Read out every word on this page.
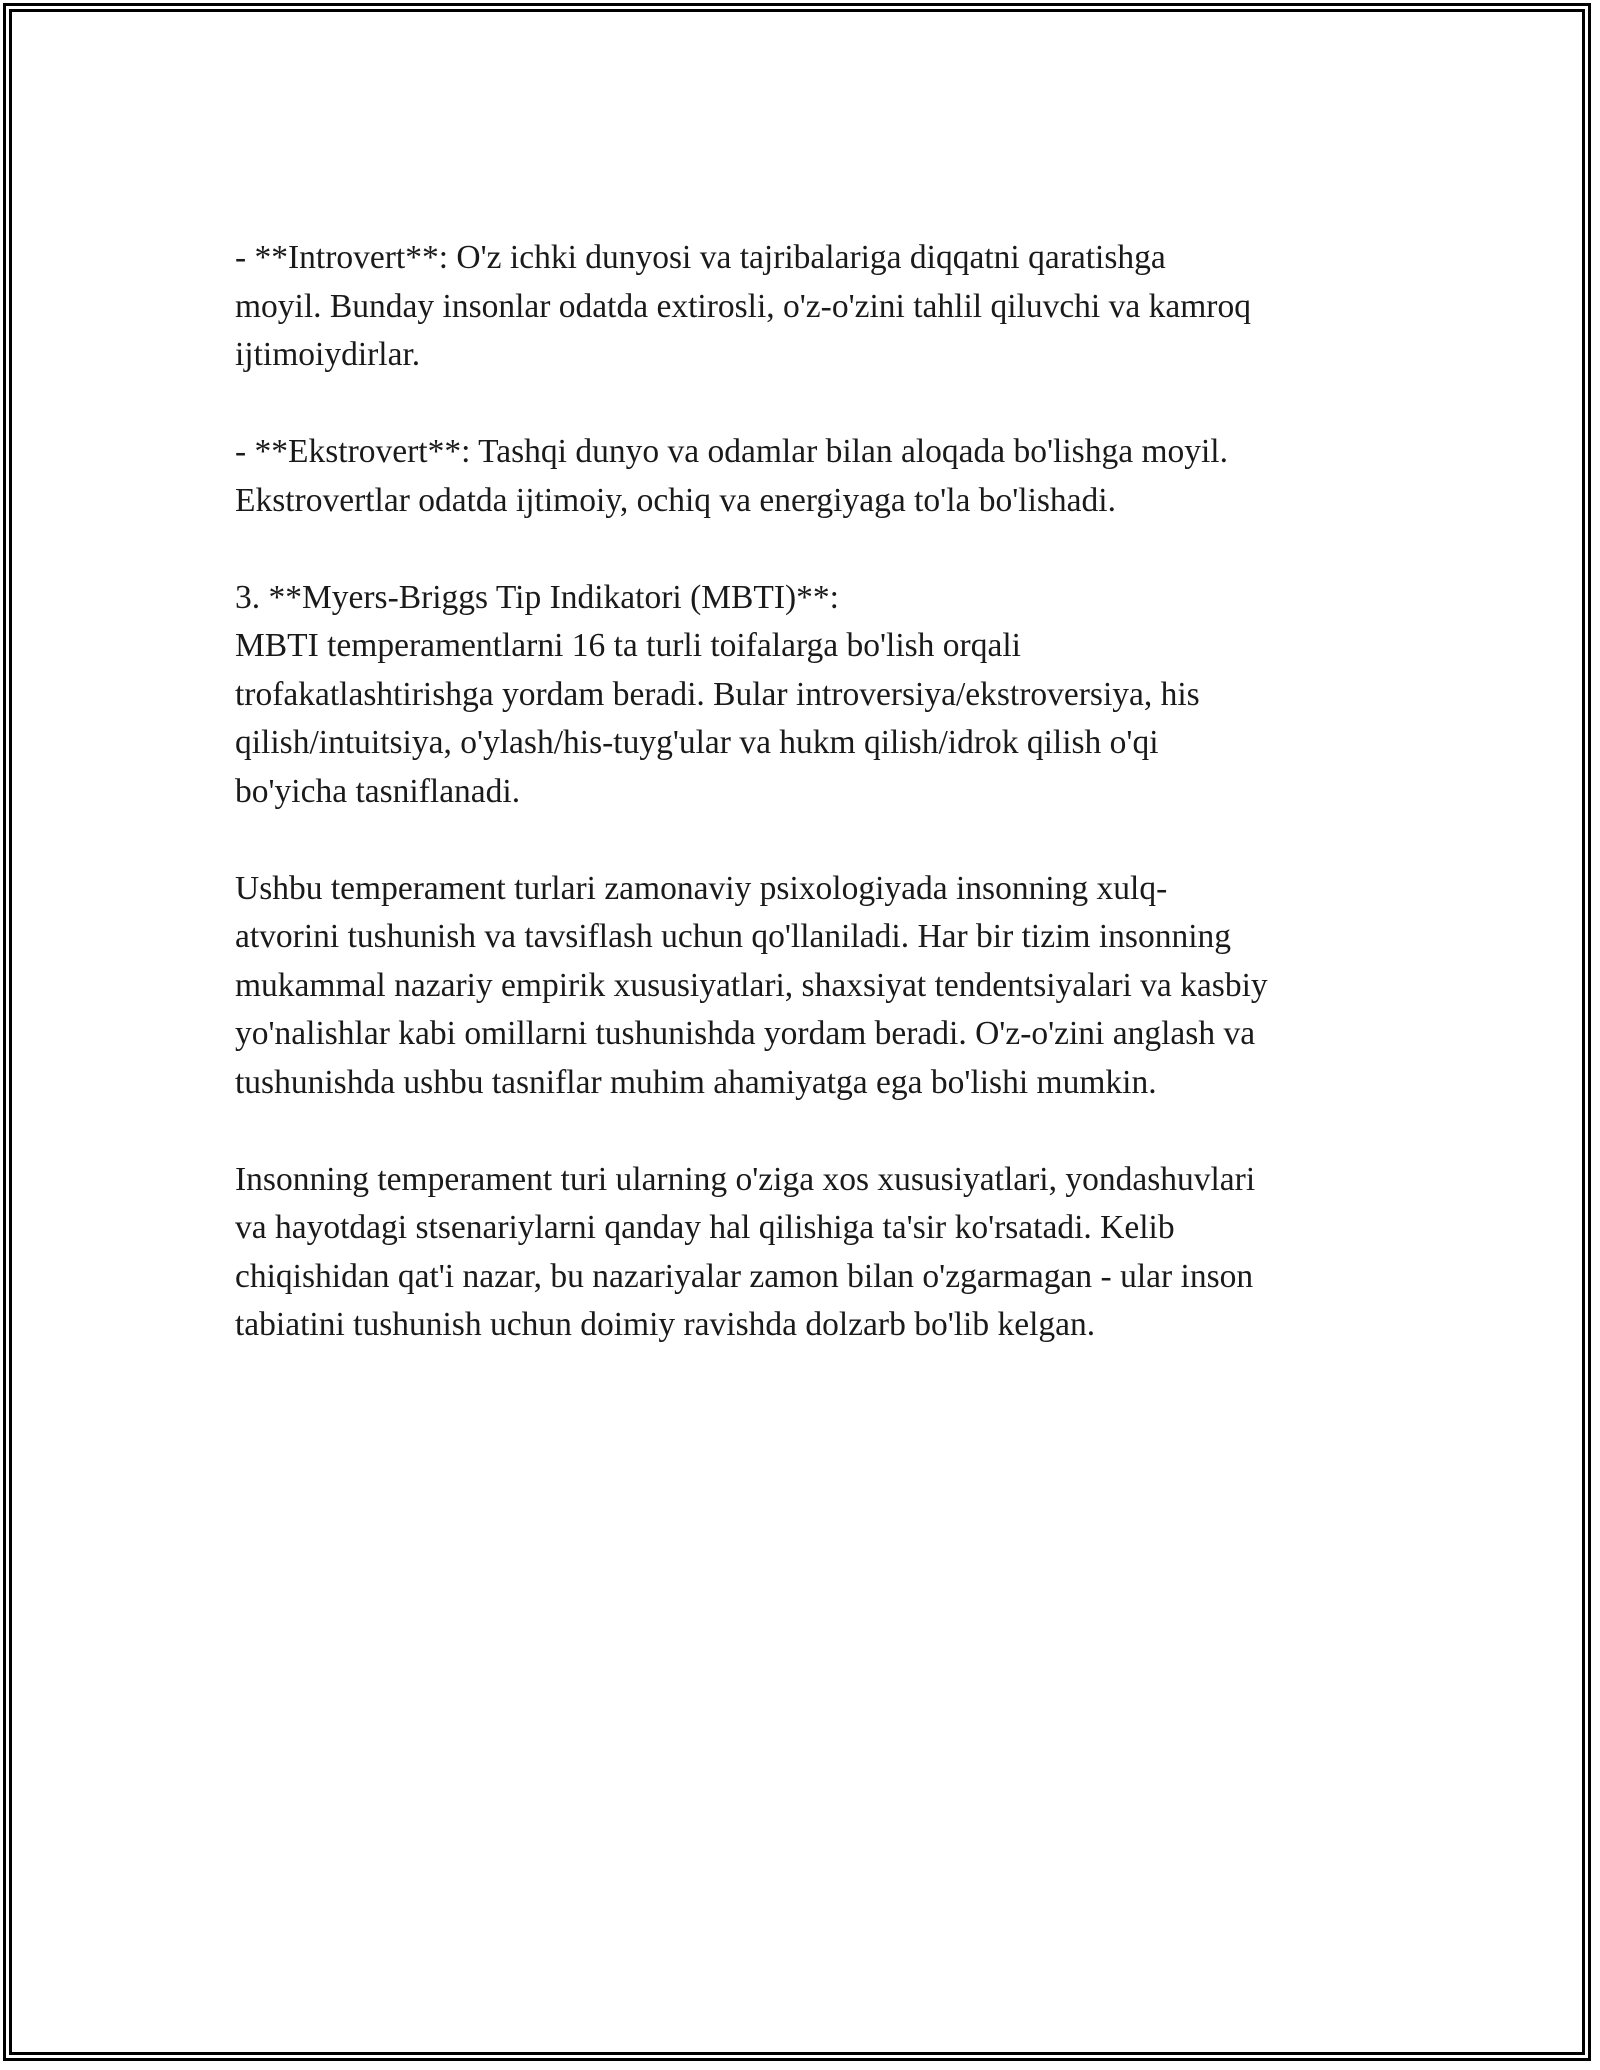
- **Introvert**: O'z ichki dunyosi va tajribalariga diqqatni qaratishga
moyil. Bunday insonlar odatda extirosli, o'z-o'zini tahlil qiluvchi va kamroq
ijtimoiydirlar.

- **Ekstrovert**: Tashqi dunyo va odamlar bilan aloqada bo'lishga moyil.
Ekstrovertlar odatda ijtimoiy, ochiq va energiyaga to'la bo'lishadi.

3. **Myers-Briggs Tip Indikatori (MBTI)**:
MBTI temperamentlarni 16 ta turli toifalarga bo'lish orqali
trofakatlashtirishga yordam beradi. Bular introversiya/ekstroversiya, his
qilish/intuitsiya, o'ylash/his-tuyg'ular va hukm qilish/idrok qilish o'qi
bo'yicha tasniflanadi.

Ushbu temperament turlari zamonaviy psixologiyada insonning xulq-
atvorini tushunish va tavsiflash uchun qo'llaniladi. Har bir tizim insonning
mukammal nazariy empirik xususiyatlari, shaxsiyat tendentsiyalari va kasbiy
yo'nalishlar kabi omillarni tushunishda yordam beradi. O'z-o'zini anglash va
tushunishda ushbu tasniflar muhim ahamiyatga ega bo'lishi mumkin.

Insonning temperament turi ularning o'ziga xos xususiyatlari, yondashuvlari
va hayotdagi stsenariylarni qanday hal qilishiga ta'sir ko'rsatadi. Kelib
chiqishidan qat'i nazar, bu nazariyalar zamon bilan o'zgarmagan - ular inson
tabiatini tushunish uchun doimiy ravishda dolzarb bo'lib kelgan.
